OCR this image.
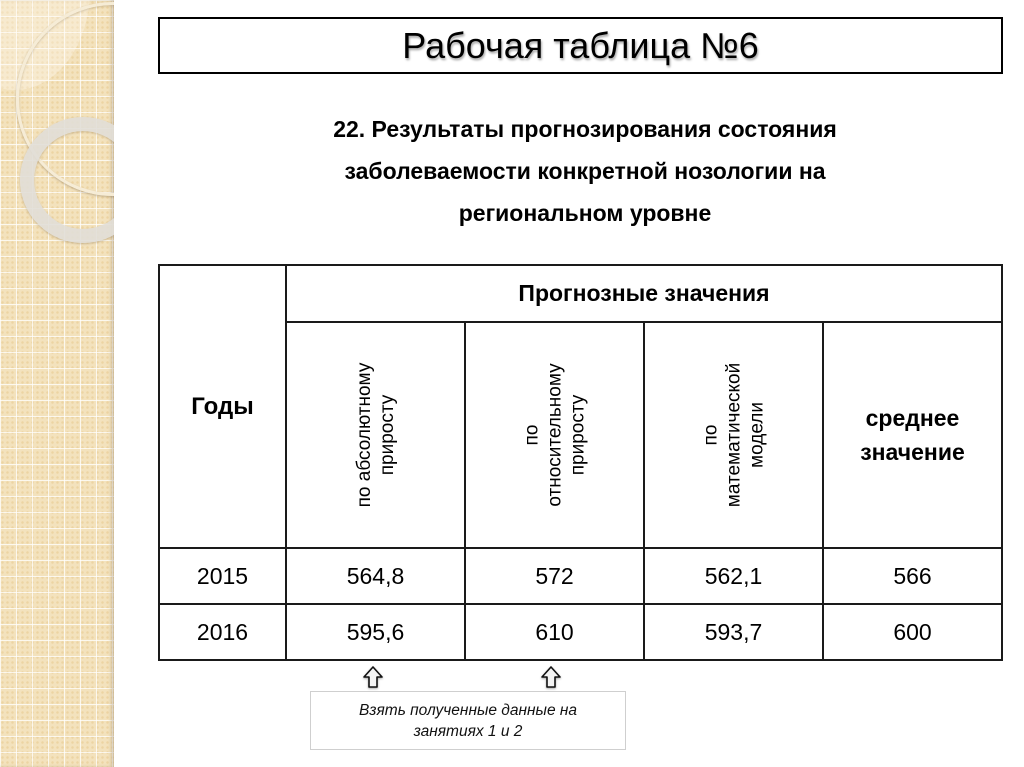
Рабочая таблица №6
22. Результаты прогнозирования состояния
заболеваемости конкретной нозологии на
региональном уровне
Годы	Прогнозные значения			

по абсолютному приросту	по относительному приросту	по математической модели	среднее
значение

2015	564,8	572	562,1	566
2016	595,6	610	593,7	600
Взять полученные данные на
занятиях 1 и 2
